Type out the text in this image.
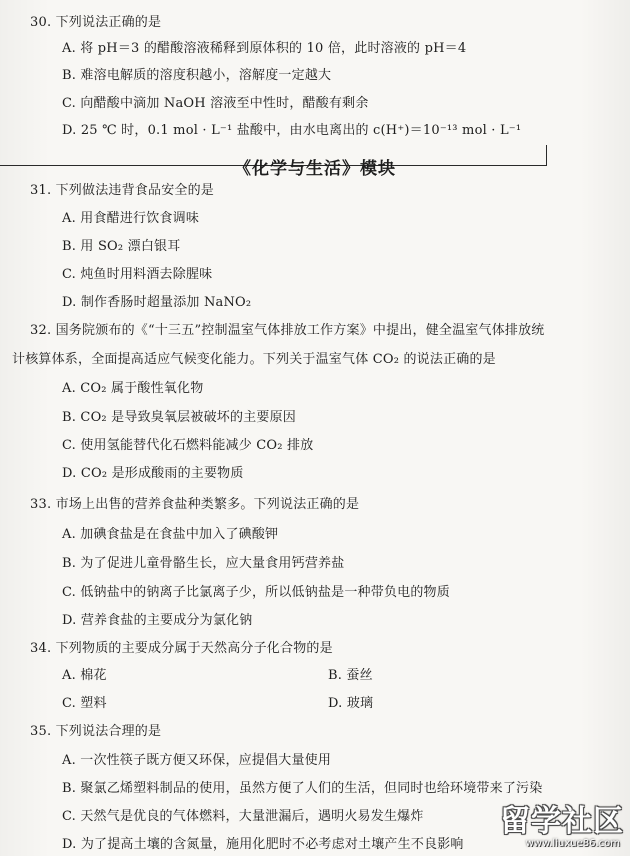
30. 下列说法正确的是
A. 将 pH＝3 的醋酸溶液稀释到原体积的 10 倍，此时溶液的 pH＝4
B. 难溶电解质的溶度积越小，溶解度一定越大
C. 向醋酸中滴加 NaOH 溶液至中性时，醋酸有剩余
D. 25 ℃ 时，0.1 mol · L⁻¹ 盐酸中，由水电离出的 c(H⁺)＝10⁻¹³ mol · L⁻¹
《化学与生活》模块
31. 下列做法违背食品安全的是
A. 用食醋进行饮食调味
B. 用 SO₂ 漂白银耳
C. 炖鱼时用料酒去除腥味
D. 制作香肠时超量添加 NaNO₂
32. 国务院颁布的《“十三五”控制温室气体排放工作方案》中提出，健全温室气体排放统
计核算体系，全面提高适应气候变化能力。下列关于温室气体 CO₂ 的说法正确的是
A. CO₂ 属于酸性氧化物
B. CO₂ 是导致臭氧层被破坏的主要原因
C. 使用氢能替代化石燃料能减少 CO₂ 排放
D. CO₂ 是形成酸雨的主要物质
33. 市场上出售的营养食盐种类繁多。下列说法正确的是
A. 加碘食盐是在食盐中加入了碘酸钾
B. 为了促进儿童骨骼生长，应大量食用钙营养盐
C. 低钠盐中的钠离子比氯离子少，所以低钠盐是一种带负电的物质
D. 营养食盐的主要成分为氯化钠
34. 下列物质的主要成分属于天然高分子化合物的是
A. 棉花	B. 蚕丝
C. 塑料	D. 玻璃
35. 下列说法合理的是
A. 一次性筷子既方便又环保，应提倡大量使用
B. 聚氯乙烯塑料制品的使用，虽然方便了人们的生活，但同时也给环境带来了污染
C. 天然气是优良的气体燃料，大量泄漏后，遇明火易发生爆炸
D. 为了提高土壤的含氮量，施用化肥时不必考虑对土壤产生不良影响
留学社区
www.liuxue86.com
